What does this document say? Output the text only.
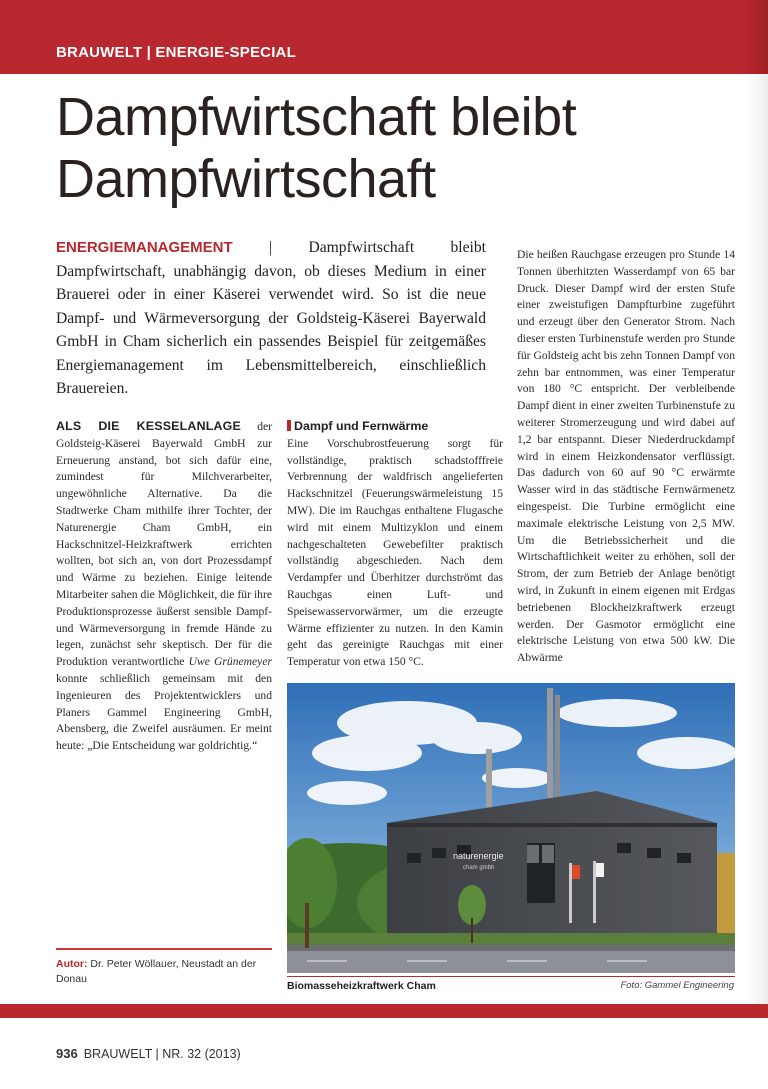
BRAUWELT | ENERGIE-SPECIAL
Dampfwirtschaft bleibt Dampfwirtschaft
ENERGIEMANAGEMENT | Dampfwirtschaft bleibt Dampfwirtschaft, unabhängig davon, ob dieses Medium in einer Brauerei oder in einer Käserei verwendet wird. So ist die neue Dampf- und Wärmeversorgung der Goldsteig-Käserei Bayerwald GmbH in Cham sicherlich ein passendes Beispiel für zeitgemäßes Energiemanagement im Lebensmittelbereich, einschließlich Brauereien.
ALS DIE KESSELANLAGE der Goldsteig-Käserei Bayerwald GmbH zur Erneuerung anstand, bot sich dafür eine, zumindest für Milchverarbeiter, ungewöhnliche Alternative. Da die Stadtwerke Cham mithilfe ihrer Tochter, der Naturenergie Cham GmbH, ein Hackschnitzel-Heizkraftwerk errichten wollten, bot sich an, von dort Prozessdampf und Wärme zu beziehen. Einige leitende Mitarbeiter sahen die Möglichkeit, die für ihre Produktionsprozesse äußerst sensible Dampf- und Wärmeversorgung in fremde Hände zu legen, zunächst sehr skeptisch. Der für die Produktion verantwortliche Uwe Grünemeyer konnte schließlich gemeinsam mit den Ingenieuren des Projektentwicklers und Planers Gammel Engineering GmbH, Abensberg, die Zweifel ausräumen. Er meint heute: „Die Entscheidung war goldrichtig.“
Dampf und Fernwärme
Eine Vorschubrostfeuerung sorgt für vollständige, praktisch schadstofffreie Verbrennung der waldfrisch angelieferten Hackschnitzel (Feuerungswärmeleistung 15 MW). Die im Rauchgas enthaltene Flugasche wird mit einem Multizyklon und einem nachgeschalteten Gewebefilter praktisch vollständig abgeschieden. Nach dem Verdampfer und Überhitzer durchströmt das Rauchgas einen Luft- und Speisewasservorwärmer, um die erzeugte Wärme effizienter zu nutzen. In den Kamin geht das gereinigte Rauchgas mit einer Temperatur von etwa 150 °C.
Die heißen Rauchgase erzeugen pro Stunde 14 Tonnen überhitzten Wasserdampf von 65 bar Druck. Dieser Dampf wird der ersten Stufe einer zweistufigen Dampfturbine zugeführt und erzeugt über den Generator Strom. Nach dieser ersten Turbinenstufe werden pro Stunde für Goldsteig acht bis zehn Tonnen Dampf von zehn bar entnommen, was einer Temperatur von 180 °C entspricht. Der verbleibende Dampf dient in einer zweiten Turbinenstufe zu weiterer Stromerzeugung und wird dabei auf 1,2 bar entspannt. Dieser Niederdruckdampf wird in einem Heizkondensator verflüssigt. Das dadurch von 60 auf 90 °C erwärmte Wasser wird in das städtische Fernwärmenetz eingespeist. Die Turbine ermöglicht eine maximale elektrische Leistung von 2,5 MW. Um die Betriebssicherheit und die Wirtschaftlichkeit weiter zu erhöhen, soll der Strom, der zum Betrieb der Anlage benötigt wird, in Zukunft in einem eigenen mit Erdgas betriebenen Blockheizkraftwerk erzeugt werden. Der Gasmotor ermöglicht eine elektrische Leistung von etwa 500 kW. Die Abwärme
naturenergie
cham gmbh
Autor: Dr. Peter Wöllauer, Neustadt an der Donau
Biomasseheizkraftwerk Cham	Foto: Gammel Engineering
936 BRAUWELT | NR. 32 (2013)
